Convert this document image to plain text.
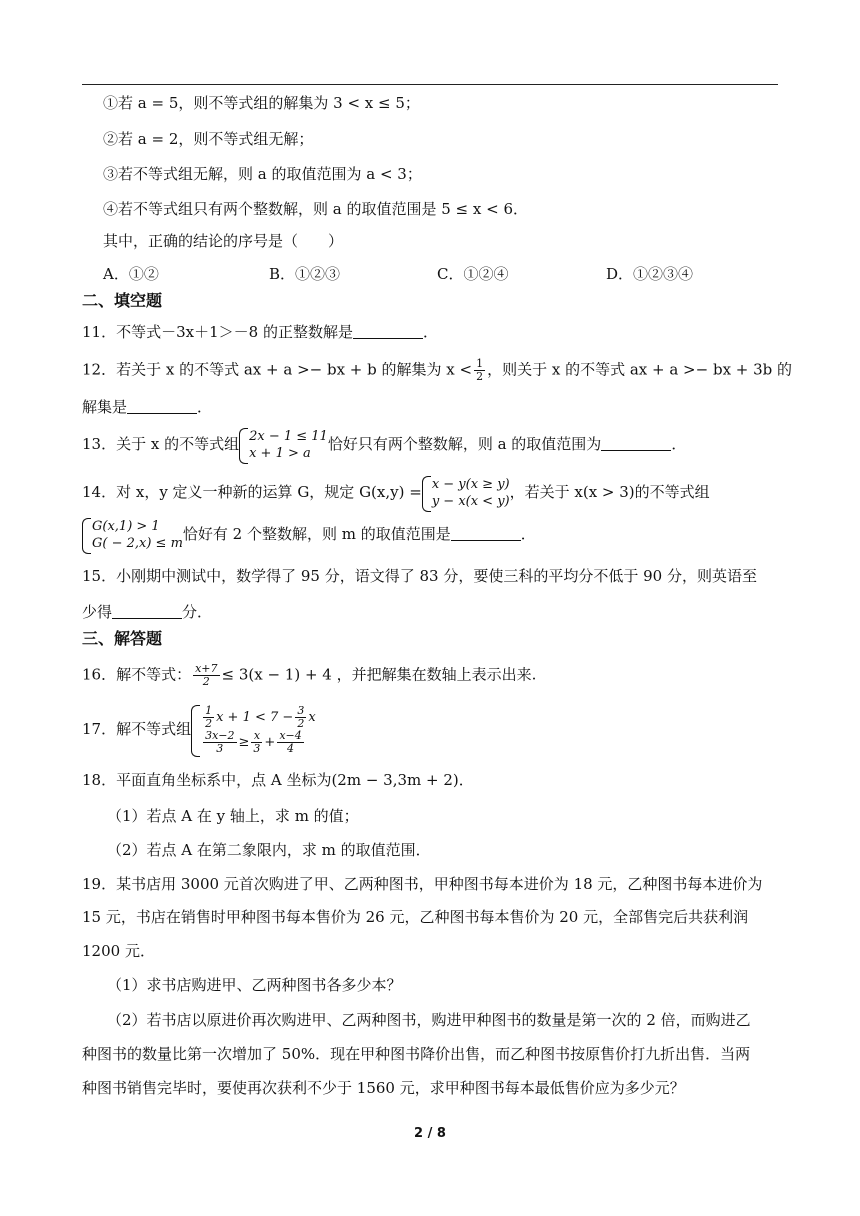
①若 a = 5，则不等式组的解集为 3 < x ≤ 5；
②若 a = 2，则不等式组无解；
③若不等式组无解，则 a 的取值范围为 a < 3；
④若不等式组只有两个整数解，则 a 的取值范围是 5 ≤ x < 6．
其中，正确的结论的序号是（　　）
A．①②	B．①②③	C．①②④	D．①②③④
二、填空题
11．不等式－3x＋1＞－8 的正整数解是	．
12．若关于 x 的不等式 ax + a >− bx + b 的解集为 $x < \frac{1}{2}$ ，则关于 x 的不等式 ax + a >− bx + 3b 的
解集是	．
13．关于 x 的不等式组 2x − 1 ≤ 11
x + 1 > a
恰好只有两个整数解，则 a 的取值范围为	．
14．对 x，y 定义一种新的运算 G，规定 G(x,y) = x − y(x ≥ y)
y − x(x < y)
，若关于 x(x > 3)的不等式组
G(x,1) > 1
G( − 2,x) ≤ m
恰好有 2 个整数解，则 m 的取值范围是	．
15．小刚期中测试中，数学得了 95 分，语文得了 83 分，要使三科的平均分不低于 90 分，则英语至
少得	分．
三、解答题
16．解不等式： $\frac{x+7}{2} \le 3(x - 1) + 4$ ，并把解集在数轴上表示出来.
17．解不等式组 $\frac{1}{2}$ $x + 1 < 7 - \frac{3}{2}$ x
$\frac{3x-2}{3} \ge \frac{x}{3} + \frac{x-4}{4}$
18．平面直角坐标系中，点 A 坐标为(2m − 3,3m + 2)．
（1）若点 A 在 y 轴上，求 m 的值；
（2）若点 A 在第二象限内，求 m 的取值范围．
19．某书店用 3000 元首次购进了甲、乙两种图书，甲种图书每本进价为 18 元，乙种图书每本进价为
15 元，书店在销售时甲种图书每本售价为 26 元，乙种图书每本售价为 20 元，全部售完后共获利润
1200 元．
（1）求书店购进甲、乙两种图书各多少本？
（2）若书店以原进价再次购进甲、乙两种图书，购进甲种图书的数量是第一次的 2 倍，而购进乙
种图书的数量比第一次增加了 50%．现在甲种图书降价出售，而乙种图书按原售价打九折出售．当两
种图书销售完毕时，要使再次获利不少于 1560 元，求甲种图书每本最低售价应为多少元？
2 / 8
